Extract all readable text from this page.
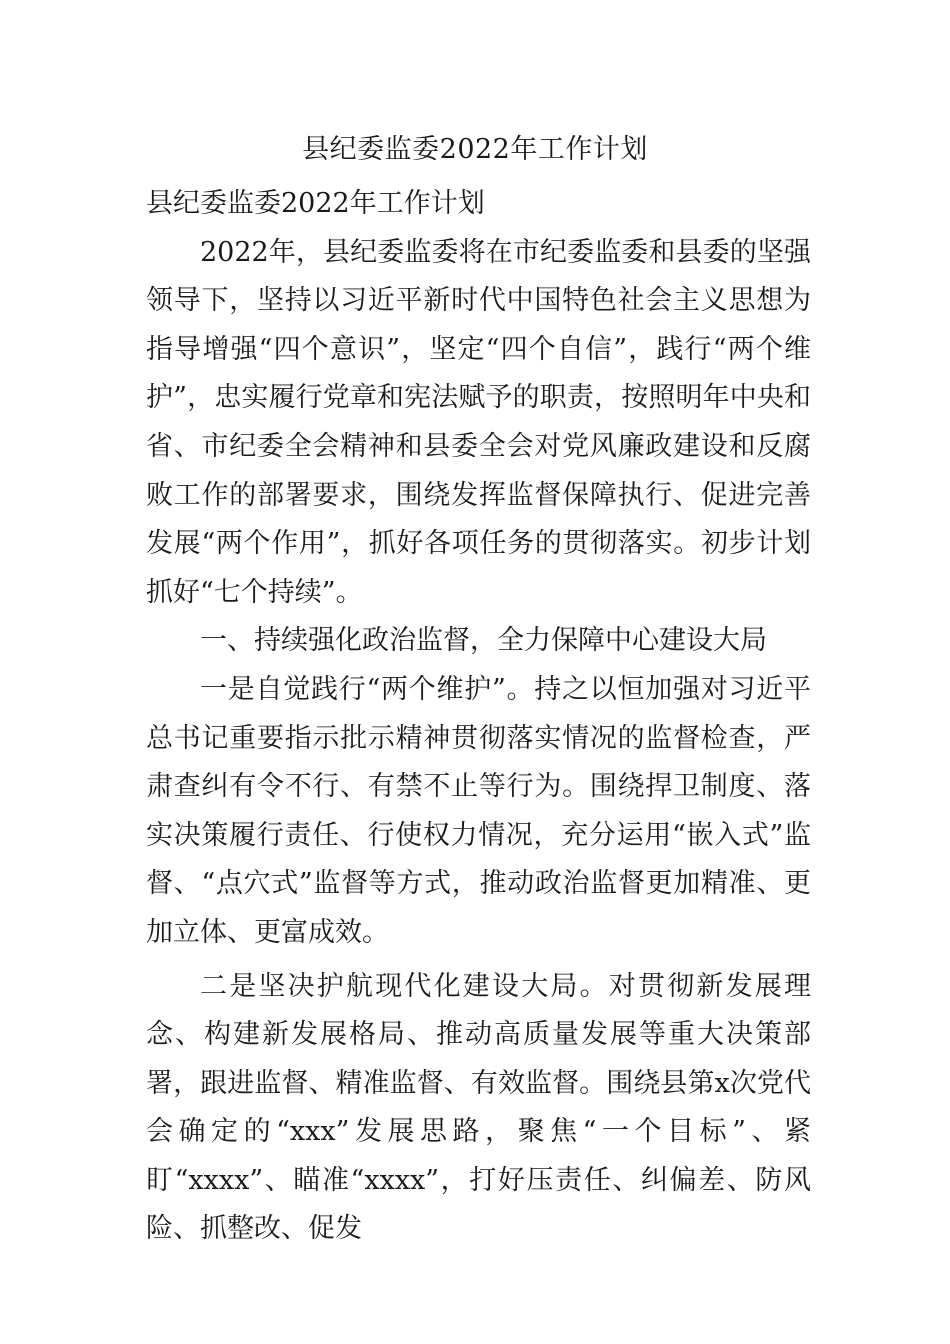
县纪委监委2022年工作计划

县纪委监委2022年工作计划

2022年，县纪委监委将在市纪委监委和县委的坚强领导下，坚持以习近平新时代中国特色社会主义思想为指导增强“四个意识”，坚定“四个自信”，践行“两个维护”，忠实履行党章和宪法赋予的职责，按照明年中央和省、市纪委全会精神和县委全会对党风廉政建设和反腐败工作的部署要求，围绕发挥监督保障执行、促进完善发展“两个作用”，抓好各项任务的贯彻落实。初步计划抓好“七个持续”。

一、持续强化政治监督，全力保障中心建设大局

一是自觉践行“两个维护”。持之以恒加强对习近平总书记重要指示批示精神贯彻落实情况的监督检查，严肃查纠有令不行、有禁不止等行为。围绕捍卫制度、落实决策履行责任、行使权力情况，充分运用“嵌入式”监督、“点穴式”监督等方式，推动政治监督更加精准、更加立体、更富成效。

二是坚决护航现代化建设大局。对贯彻新发展理念、构建新发展格局、推动高质量发展等重大决策部署，跟进监督、精准监督、有效监督。围绕县第x次党代会确定的“xxx”发展思路，聚焦“一个目标”、紧盯“xxxx”、瞄准“xxxx”，打好压责任、纠偏差、防风险、抓整改、促发
